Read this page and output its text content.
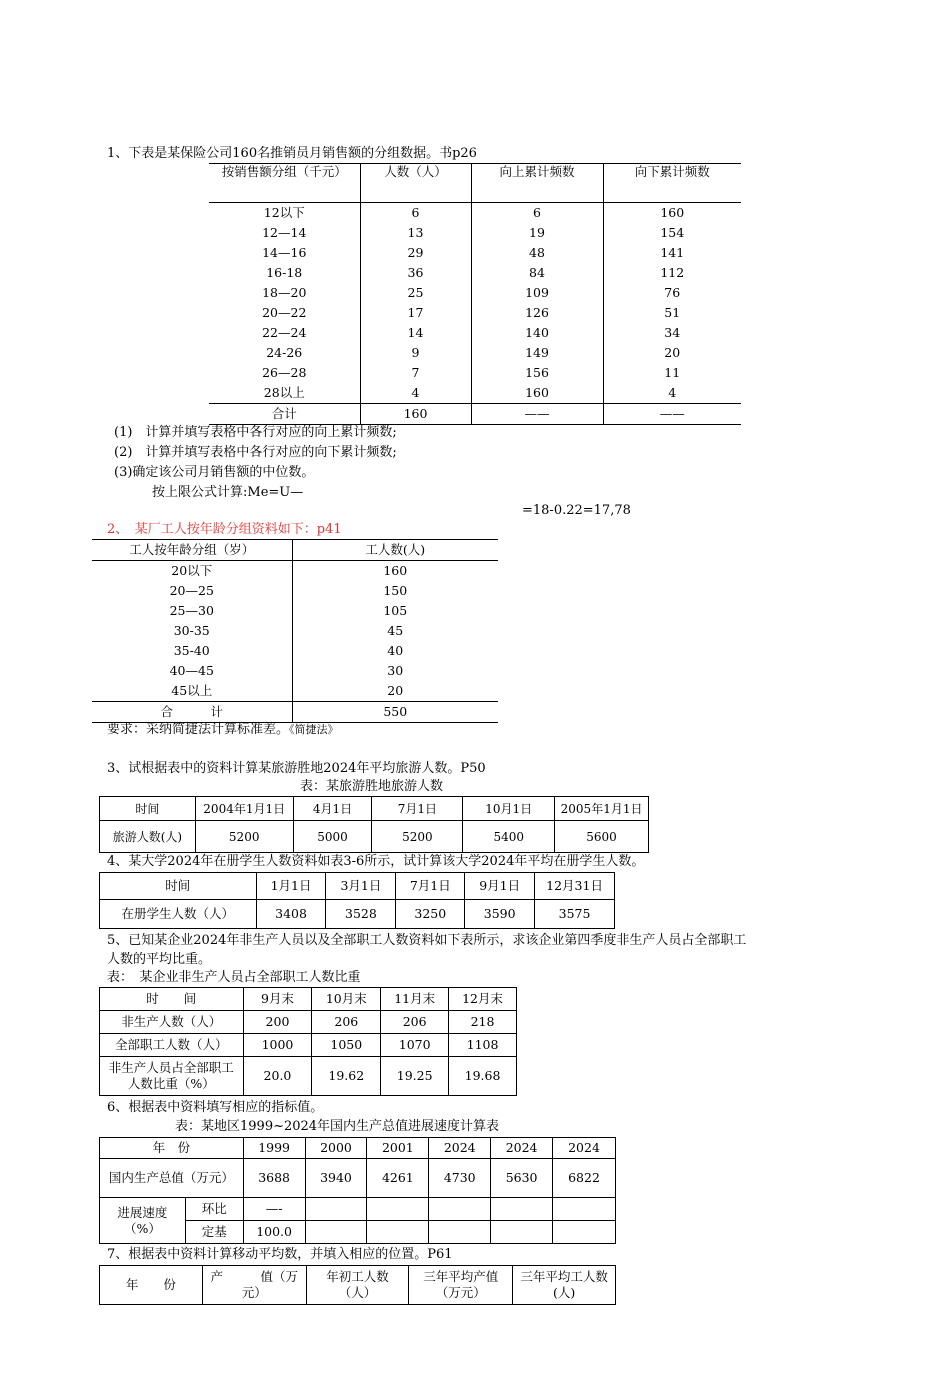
1、下表是某保险公司160名推销员月销售额的分组数据。书p26
按销售额分组（千元）	人数（人）	向上累计频数	向下累计频数
12以下	6	6	160
12—14	13	19	154
14—16	29	48	141
16-18	36	84	112
18—20	25	109	76
20—22	17	126	51
22—24	14	140	34
24-26	9	149	20
26—28	7	156	11
28以上	4	160	4
合计	160	——	——
(1)　计算并填写表格中各行对应的向上累计频数;
(2)　计算并填写表格中各行对应的向下累计频数;
(3)确定该公司月销售额的中位数。
按上限公式计算:Me=U—
=18-0.22=17,78
2、　某厂工人按年龄分组资料如下：p41
工人按年龄分组（岁）	工人数(人)
20以下	160
20—25	150
25—30	105
30-35	45
35-40	40
40—45	30
45以上	20
合　　　计	550
要求：采纳简捷法计算标准差。《简捷法》
3、试根据表中的资料计算某旅游胜地2024年平均旅游人数。P50
表：某旅游胜地旅游人数
时间	2004年1月1日	4月1日	7月1日	10月1日	2005年1月1日
旅游人数(人)	5200	5000	5200	5400	5600
4、某大学2024年在册学生人数资料如表3-6所示，试计算该大学2024年平均在册学生人数。
时间	1月1日	3月1日	7月1日	9月1日	12月31日
在册学生人数（人）	3408	3528	3250	3590	3575
5、已知某企业2024年非生产人员以及全部职工人数资料如下表所示，求该企业第四季度非生产人员占全部职工
人数的平均比重。
表：　某企业非生产人员占全部职工人数比重
时　　间	9月末	10月末	11月末	12月末
非生产人数（人）	200	206	206	218
全部职工人数（人）	1000	1050	1070	1108
非生产人员占全部职工人数比重（%）	20.0	19.62	19.25	19.68
6、根据表中资料填写相应的指标值。
表：某地区1999~2024年国内生产总值进展速度计算表
年　份		1999	2000	2001	2024	2024	2024
国内生产总值（万元）		3688	3940	4261	4730	5630	6822
进展速度（%）	环比	—-					
	定基	100.0					
7、根据表中资料计算移动平均数，并填入相应的位置。P61
年　　份	产　　　值（万元）	年初工人数（人）	三年平均产值（万元）	三年平均工人数(人)
